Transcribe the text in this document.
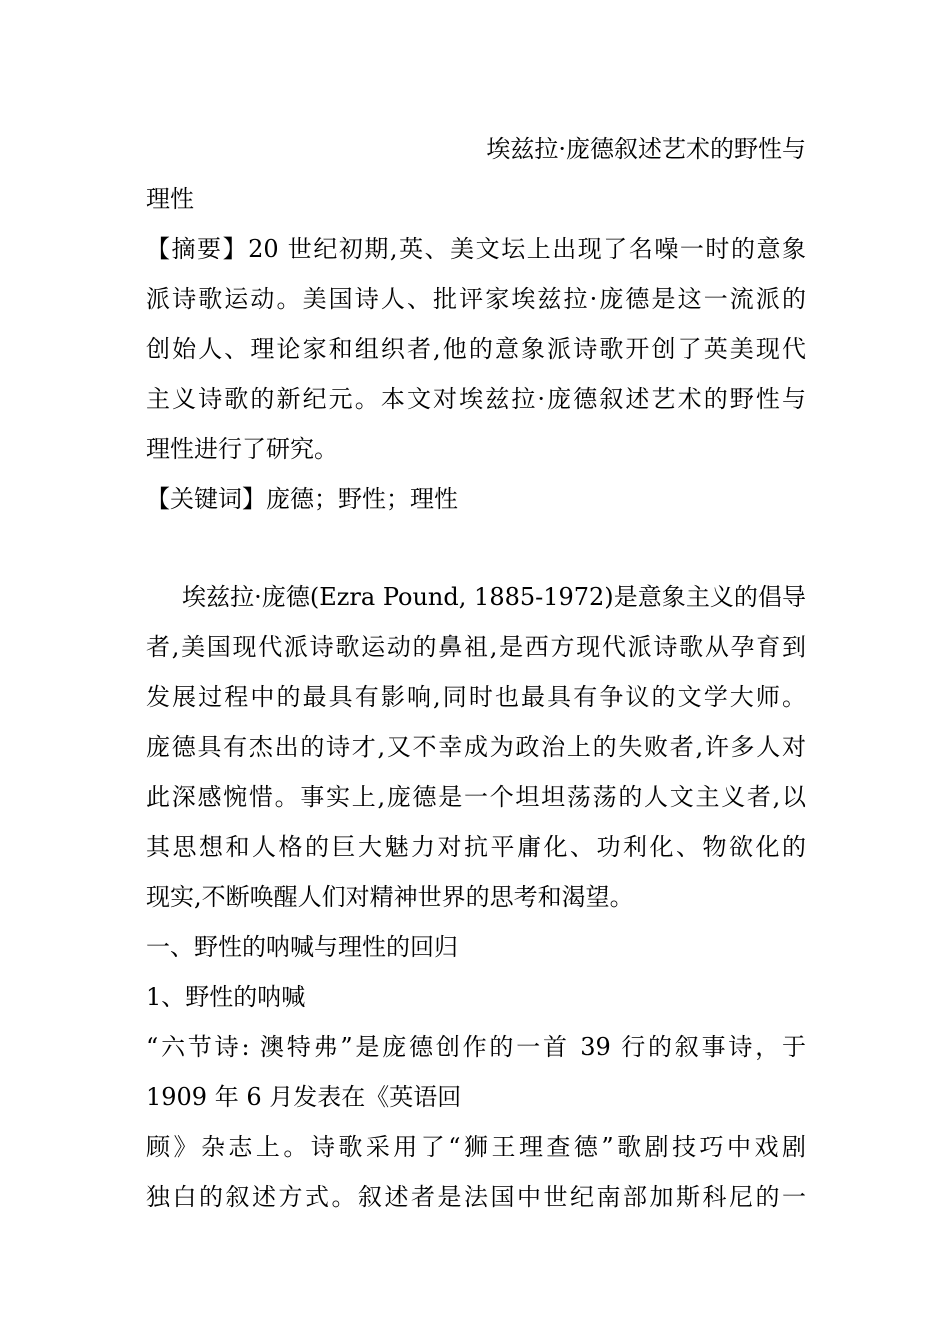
埃兹拉·庞德叙述艺术的野性与
理性
【摘要】20 世纪初期,英、美文坛上出现了名噪一时的意象
派诗歌运动。美国诗人、批评家埃兹拉·庞德是这一流派的
创始人、理论家和组织者,他的意象派诗歌开创了英美现代
主义诗歌的新纪元。本文对埃兹拉·庞德叙述艺术的野性与
理性进行了研究。
【关键词】庞德；野性；理性
埃兹拉·庞德(Ezra Pound, 1885-1972)是意象主义的倡导
者,美国现代派诗歌运动的鼻祖,是西方现代派诗歌从孕育到
发展过程中的最具有影响,同时也最具有争议的文学大师。
庞德具有杰出的诗才,又不幸成为政治上的失败者,许多人对
此深感惋惜。事实上,庞德是一个坦坦荡荡的人文主义者,以
其思想和人格的巨大魅力对抗平庸化、功利化、物欲化的
现实,不断唤醒人们对精神世界的思考和渴望。
一、野性的呐喊与理性的回归
1、野性的呐喊
“六节诗: 澳特弗”是庞德创作的一首 39 行的叙事诗，于
1909 年 6 月发表在《英语回
顾》杂志上。诗歌采用了“狮王理查德”歌剧技巧中戏剧
独白的叙述方式。叙述者是法国中世纪南部加斯科尼的一
